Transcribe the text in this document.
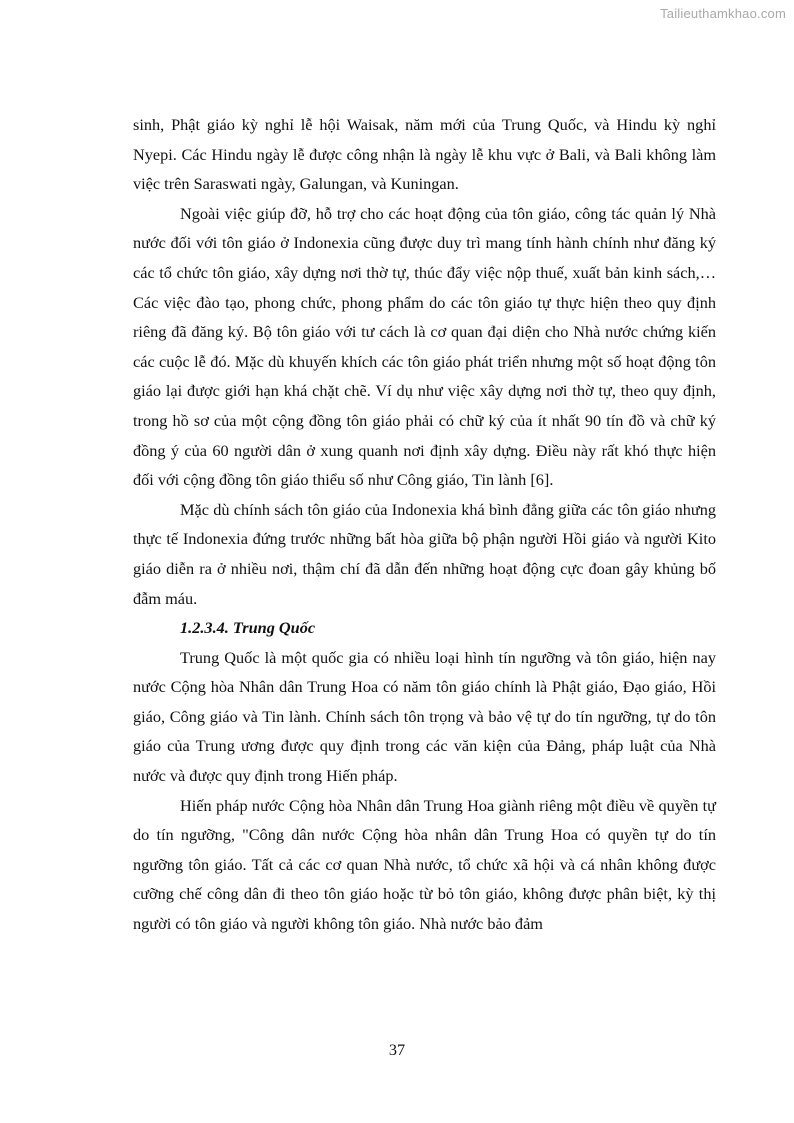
Tailieuthamkhao.com

sinh, Phật giáo kỳ nghỉ lễ hội Waisak, năm mới của Trung Quốc, và Hindu kỳ nghỉ Nyepi. Các Hindu ngày lễ được công nhận là ngày lễ khu vực ở Bali, và Bali không làm việc trên Saraswati ngày, Galungan, và Kuningan.

Ngoài việc giúp đỡ, hỗ trợ cho các hoạt động của tôn giáo, công tác quản lý Nhà nước đối với tôn giáo ở Indonexia cũng được duy trì mang tính hành chính như đăng ký các tổ chức tôn giáo, xây dựng nơi thờ tự, thúc đẩy việc nộp thuế, xuất bản kinh sách,… Các việc đào tạo, phong chức, phong phẩm do các tôn giáo tự thực hiện theo quy định riêng đã đăng ký. Bộ tôn giáo với tư cách là cơ quan đại diện cho Nhà nước chứng kiến các cuộc lễ đó. Mặc dù khuyến khích các tôn giáo phát triển nhưng một số hoạt động tôn giáo lại được giới hạn khá chặt chẽ. Ví dụ như việc xây dựng nơi thờ tự, theo quy định, trong hồ sơ của một cộng đồng tôn giáo phải có chữ ký của ít nhất 90 tín đồ và chữ ký đồng ý của 60 người dân ở xung quanh nơi định xây dựng. Điều này rất khó thực hiện đối với cộng đồng tôn giáo thiểu số như Công giáo, Tin lành [6].

Mặc dù chính sách tôn giáo của Indonexia khá bình đẳng giữa các tôn giáo nhưng thực tế Indonexia đứng trước những bất hòa giữa bộ phận người Hồi giáo và người Kito giáo diễn ra ở nhiều nơi, thậm chí đã dẫn đến những hoạt động cực đoan gây khủng bố đẫm máu.

1.2.3.4. Trung Quốc

Trung Quốc là một quốc gia có nhiều loại hình tín ngưỡng và tôn giáo, hiện nay nước Cộng hòa Nhân dân Trung Hoa có năm tôn giáo chính là Phật giáo, Đạo giáo, Hồi giáo, Công giáo và Tin lành. Chính sách tôn trọng và bảo vệ tự do tín ngưỡng, tự do tôn giáo của Trung ương được quy định trong các văn kiện của Đảng, pháp luật của Nhà nước và được quy định trong Hiến pháp.

Hiến pháp nước Cộng hòa Nhân dân Trung Hoa giành riêng một điều về quyền tự do tín ngưỡng, "Công dân nước Cộng hòa nhân dân Trung Hoa có quyền tự do tín ngưỡng tôn giáo. Tất cả các cơ quan Nhà nước, tổ chức xã hội và cá nhân không được cưỡng chế công dân đi theo tôn giáo hoặc từ bỏ tôn giáo, không được phân biệt, kỳ thị người có tôn giáo và người không tôn giáo. Nhà nước bảo đảm

37
